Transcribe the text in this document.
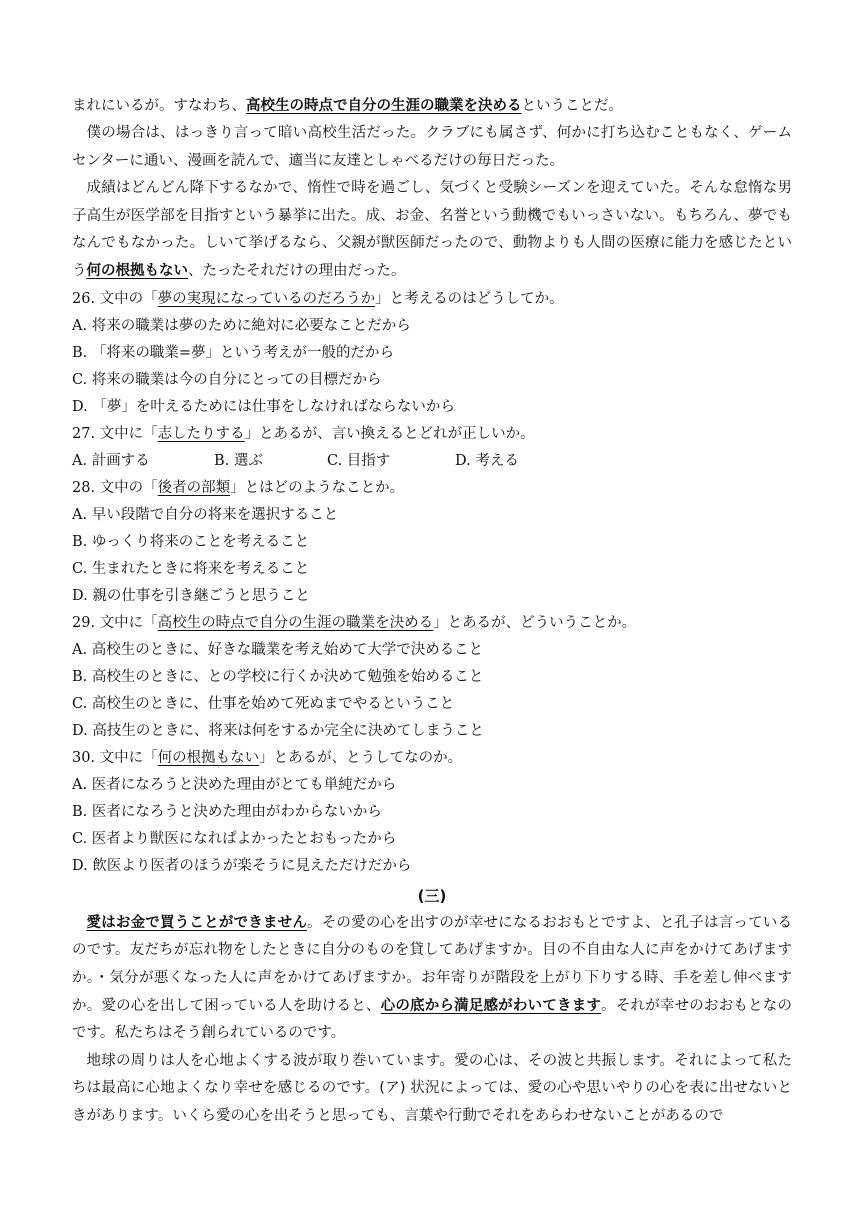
まれにいるが。すなわち、高校生の時点で自分の生涯の職業を決めるということだ。

僕の場合は、はっきり言って暗い高校生活だった。クラブにも属さず、何かに打ち込むこともなく、ゲームセンターに通い、漫画を読んで、適当に友達としゃべるだけの毎日だった。

成績はどんどん降下するなかで、惰性で時を過ごし、気づくと受験シーズンを迎えていた。そんな怠惰な男子高生が医学部を目指すという暴挙に出た。成、お金、名誉という動機でもいっさいない。もちろん、夢でもなんでもなかった。しいて挙げるなら、父親が獣医師だったので、動物よりも人間の医療に能力を感じたという何の根拠もない、たったそれだけの理由だった。

26. 文中の「夢の実現になっているのだろうか」と考えるのはどうしてか。

A. 将来の職業は夢のために絶対に必要なことだから

B. 「将来の職業=夢」という考えが一般的だから

C. 将来の職業は今の自分にとっての目標だから

D. 「夢」を叶えるためには仕事をしなければならないから

27. 文中に「志したりする」とあるが、言い換えるとどれが正しいか。

A. 計画する	B. 選ぶ	C. 目指す	D. 考える

28. 文中の「後者の部類」とはどのようなことか。

A. 早い段階で自分の将来を選択すること

B. ゆっくり将来のことを考えること

C. 生まれたときに将来を考えること

D. 親の仕事を引き継ごうと思うこと

29. 文中に「高校生の時点で自分の生涯の職業を決める」とあるが、どういうことか。

A. 高校生のときに、好きな職業を考え始めて大学で決めること

B. 高校生のときに、との学校に行くか決めて勉強を始めること

C. 高校生のときに、仕事を始めて死ぬまでやるということ

D. 高技生のときに、将来は何をするか完全に決めてしまうこと

30. 文中に「何の根拠もない」とあるが、とうしてなのか。

A. 医者になろうと決めた理由がとても単純だから

B. 医者になろうと決めた理由がわからないから

C. 医者より獣医になれぱよかったとおもったから

D. 飲医より医者のほうが楽そうに見えただけだから

(三)

愛はお金で買うことができません。その愛の心を出すのが幸せになるおおもとですよ、と孔子は言っているのです。友だちが忘れ物をしたときに自分のものを貸してあげますか。目の不自由な人に声をかけてあげますか。・気分が悪くなった人に声をかけてあげますか。お年寄りが階段を上がり下りする時、手を差し伸べますか。愛の心を出して困っている人を助けると、心の底から満足感がわいてきます。それが幸せのおおもとなのです。私たちはそう創られているのです。

地球の周りは人を心地よくする波が取り巻いています。愛の心は、その波と共振します。それによって私たちは最高に心地よくなり幸せを感じるのです。(ア) 状況によっては、愛の心や思いやりの心を表に出せないときがあります。いくら愛の心を出そうと思っても、言葉や行動でそれをあらわせないことがあるので
